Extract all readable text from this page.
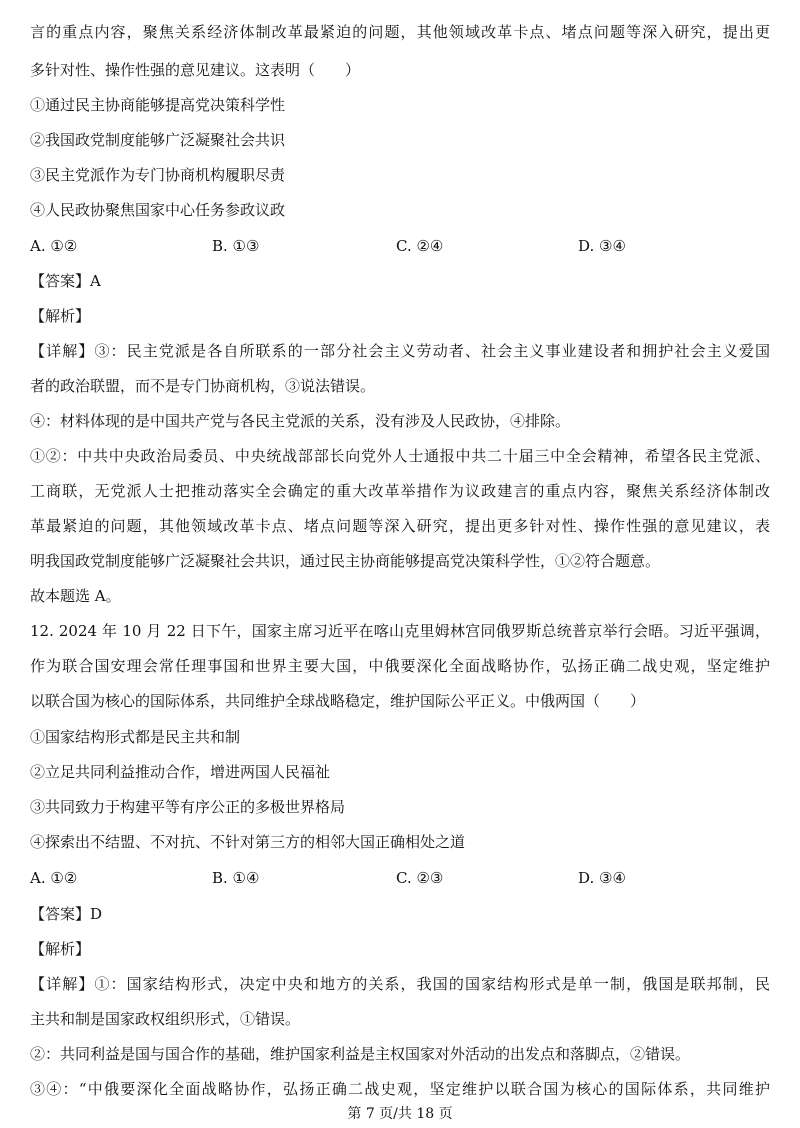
言的重点内容，聚焦关系经济体制改革最紧迫的问题，其他领域改革卡点、堵点问题等深入研究，提出更
多针对性、操作性强的意见建议。这表明（　　）
①通过民主协商能够提高党决策科学性
②我国政党制度能够广泛凝聚社会共识
③民主党派作为专门协商机构履职尽责
④人民政协聚焦国家中心任务参政议政
A. ①②	B. ①③	C. ②④	D. ③④
【答案】A
【解析】
【详解】③：民主党派是各自所联系的一部分社会主义劳动者、社会主义事业建设者和拥护社会主义爱国
者的政治联盟，而不是专门协商机构，③说法错误。
④：材料体现的是中国共产党与各民主党派的关系，没有涉及人民政协，④排除。
①②：中共中央政治局委员、中央统战部部长向党外人士通报中共二十届三中全会精神，希望各民主党派、
工商联，无党派人士把推动落实全会确定的重大改革举措作为议政建言的重点内容，聚焦关系经济体制改
革最紧迫的问题，其他领域改革卡点、堵点问题等深入研究，提出更多针对性、操作性强的意见建议，表
明我国政党制度能够广泛凝聚社会共识，通过民主协商能够提高党决策科学性，①②符合题意。
故本题选 A。
12. 2024 年 10 月 22 日下午，国家主席习近平在喀山克里姆林宫同俄罗斯总统普京举行会晤。习近平强调，
作为联合国安理会常任理事国和世界主要大国，中俄要深化全面战略协作，弘扬正确二战史观，坚定维护
以联合国为核心的国际体系，共同维护全球战略稳定，维护国际公平正义。中俄两国（　　）
①国家结构形式都是民主共和制
②立足共同利益推动合作，增进两国人民福祉
③共同致力于构建平等有序公正的多极世界格局
④探索出不结盟、不对抗、不针对第三方的相邻大国正确相处之道
A. ①②	B. ①④	C. ②③	D. ③④
【答案】D
【解析】
【详解】①：国家结构形式，决定中央和地方的关系，我国的国家结构形式是单一制，俄国是联邦制，民
主共和制是国家政权组织形式，①错误。
②：共同利益是国与国合作的基础，维护国家利益是主权国家对外活动的出发点和落脚点，②错误。
③④：“中俄要深化全面战略协作，弘扬正确二战史观，坚定维护以联合国为核心的国际体系，共同维护
第 7 页/共 18 页
